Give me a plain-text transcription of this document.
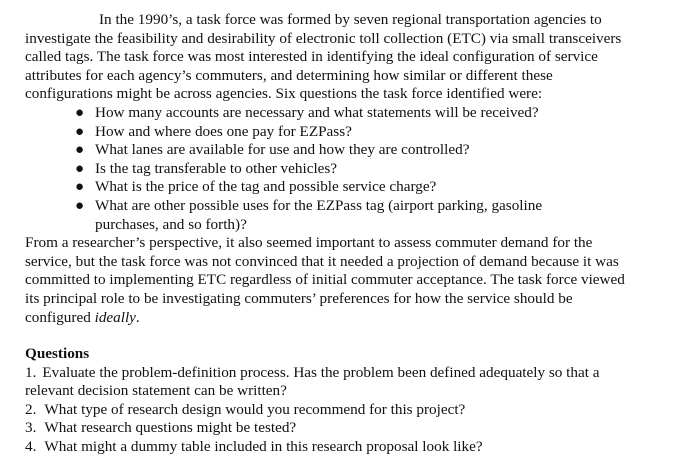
In the 1990’s, a task force was formed by seven regional transportation agencies to investigate the feasibility and desirability of electronic toll collection (ETC) via small transceivers called tags. The task force was most interested in identifying the ideal configuration of service attributes for each agency’s commuters, and determining how similar or different these configurations might be across agencies. Six questions the task force identified were:

● How many accounts are necessary and what statements will be received?
● How and where does one pay for EZPass?
● What lanes are available for use and how they are controlled?
● Is the tag transferable to other vehicles?
● What is the price of the tag and possible service charge?
● What are other possible uses for the EZPass tag (airport parking, gasoline purchases, and so forth)?

From a researcher’s perspective, it also seemed important to assess commuter demand for the service, but the task force was not convinced that it needed a projection of demand because it was committed to implementing ETC regardless of initial commuter acceptance. The task force viewed its principal role to be investigating commuters’ preferences for how the service should be configured ideally.

Questions

1. Evaluate the problem-definition process. Has the problem been defined adequately so that a relevant decision statement can be written?

2. What type of research design would you recommend for this project?

3. What research questions might be tested?

4. What might a dummy table included in this research proposal look like?
